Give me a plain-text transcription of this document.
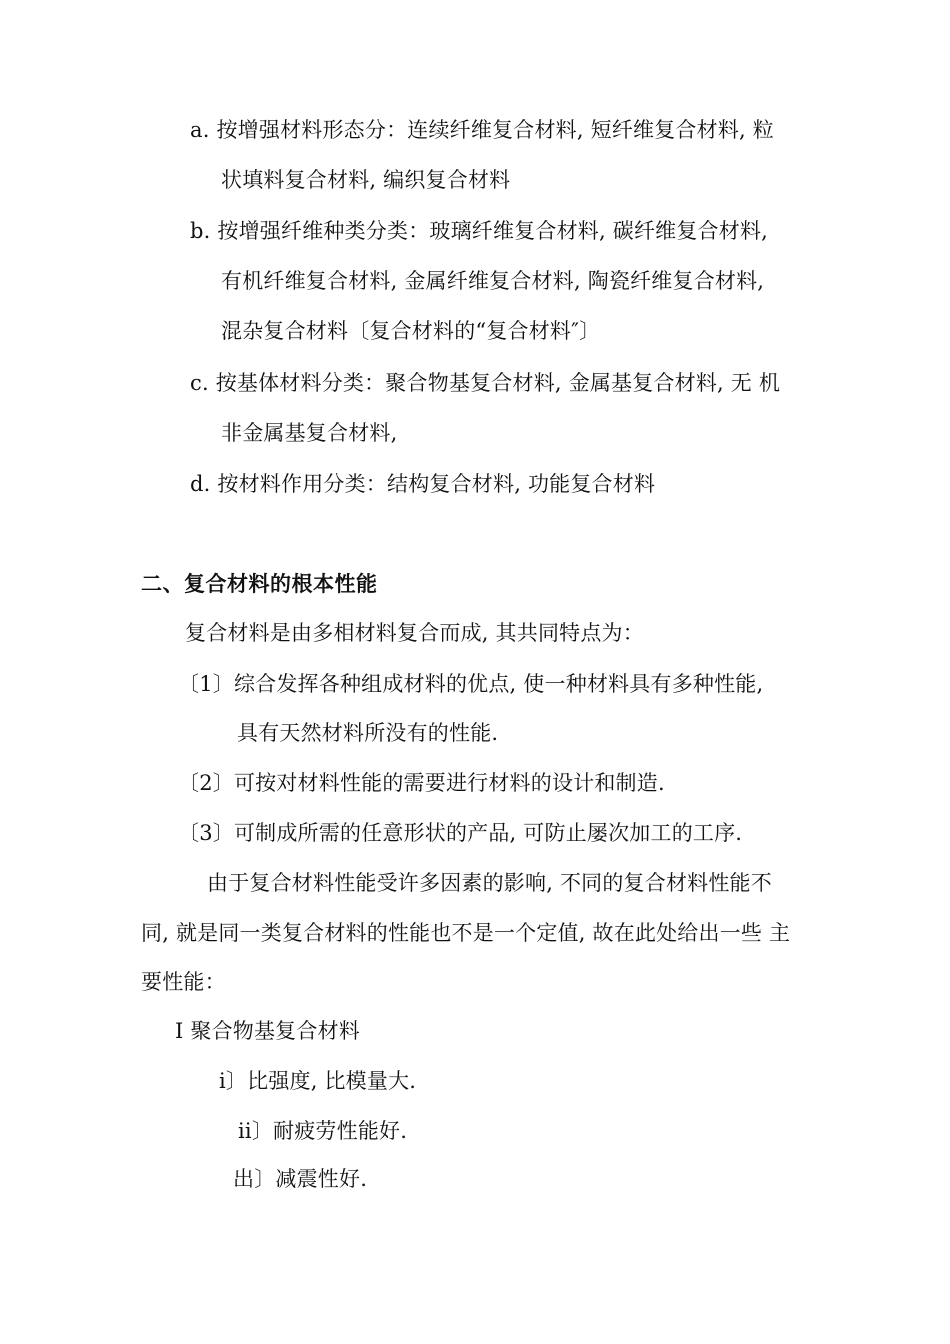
a. 按增强材料形态分：连续纤维复合材料, 短纤维复合材料, 粒
状填料复合材料, 编织复合材料
b. 按增强纤维种类分类：玻璃纤维复合材料, 碳纤维复合材料,
有机纤维复合材料, 金属纤维复合材料, 陶瓷纤维复合材料,
混杂复合材料〔复合材料的“复合材料″〕
c. 按基体材料分类：聚合物基复合材料, 金属基复合材料, 无 机
非金属基复合材料,
d. 按材料作用分类：结构复合材料, 功能复合材料
二、复合材料的根本性能
复合材料是由多相材料复合而成, 其共同特点为：
〔1〕综合发挥各种组成材料的优点, 使一种材料具有多种性能,
具有天然材料所没有的性能.
〔2〕可按对材料性能的需要进行材料的设计和制造.
〔3〕可制成所需的任意形状的产品, 可防止屡次加工的工序.
由于复合材料性能受许多因素的影响, 不同的复合材料性能不
同, 就是同一类复合材料的性能也不是一个定值, 故在此处给出一些 主
要性能：
I 聚合物基复合材料
i〕比强度, 比模量大.
ii〕耐疲劳性能好.
出〕减震性好.
